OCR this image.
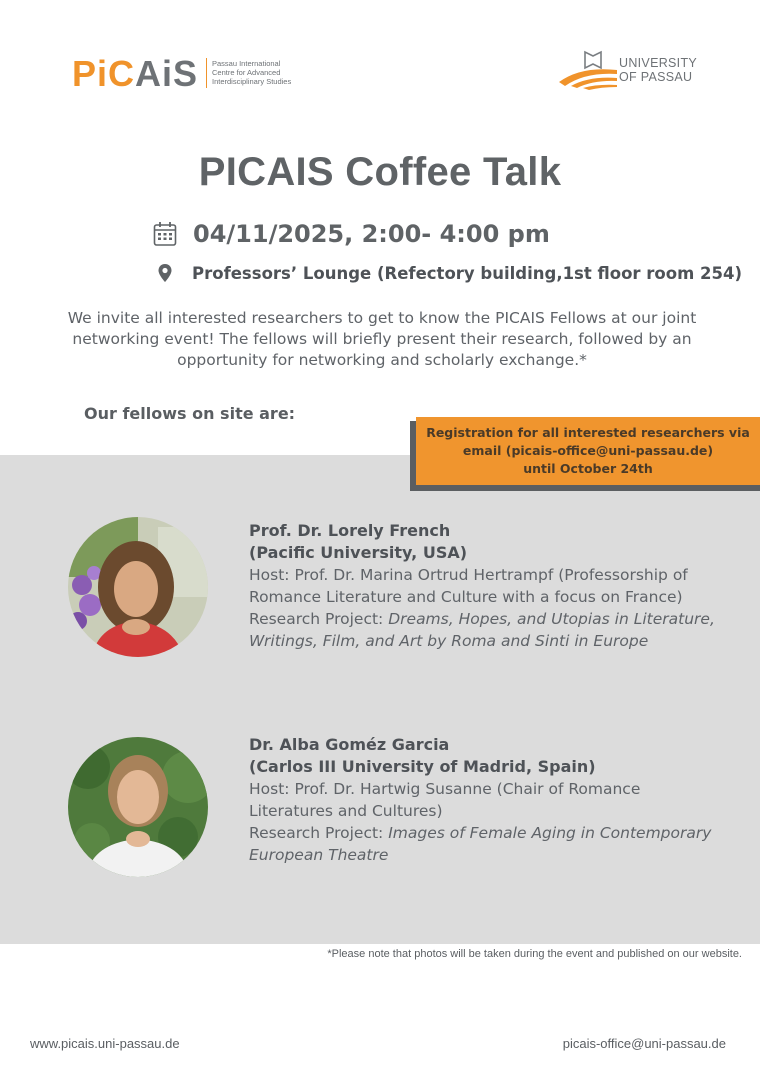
PiCAiS Passau International
Centre for Advanced
Interdisciplinary Studies
UNIVERSITY
OF PASSAU
PICAIS Coffee Talk
04/11/2025, 2:00- 4:00 pm
Professors’ Lounge (Refectory building,1st floor room 254)
We invite all interested researchers to get to know the PICAIS Fellows at our joint networking event! The fellows will briefly present their research, followed by an opportunity for networking and scholarly exchange.*
Our fellows on site are:
Registration for all interested researchers via
email (picais-office@uni-passau.de)
until October 24th
Prof. Dr. Lorely French
(Pacific University, USA)
Host: Prof. Dr. Marina Ortrud Hertrampf (Professorship of Romance Literature and Culture with a focus on France)
Research Project: Dreams, Hopes, and Utopias in Literature, Writings, Film, and Art by Roma and Sinti in Europe
Dr. Alba Goméz Garcia
(Carlos III University of Madrid, Spain)
Host: Prof. Dr. Hartwig Susanne (Chair of Romance Literatures and Cultures)
Research Project: Images of Female Aging in Contemporary European Theatre
*Please note that photos will be taken during the event and published on our website.
www.picais.uni-passau.de	picais-office@uni-passau.de
